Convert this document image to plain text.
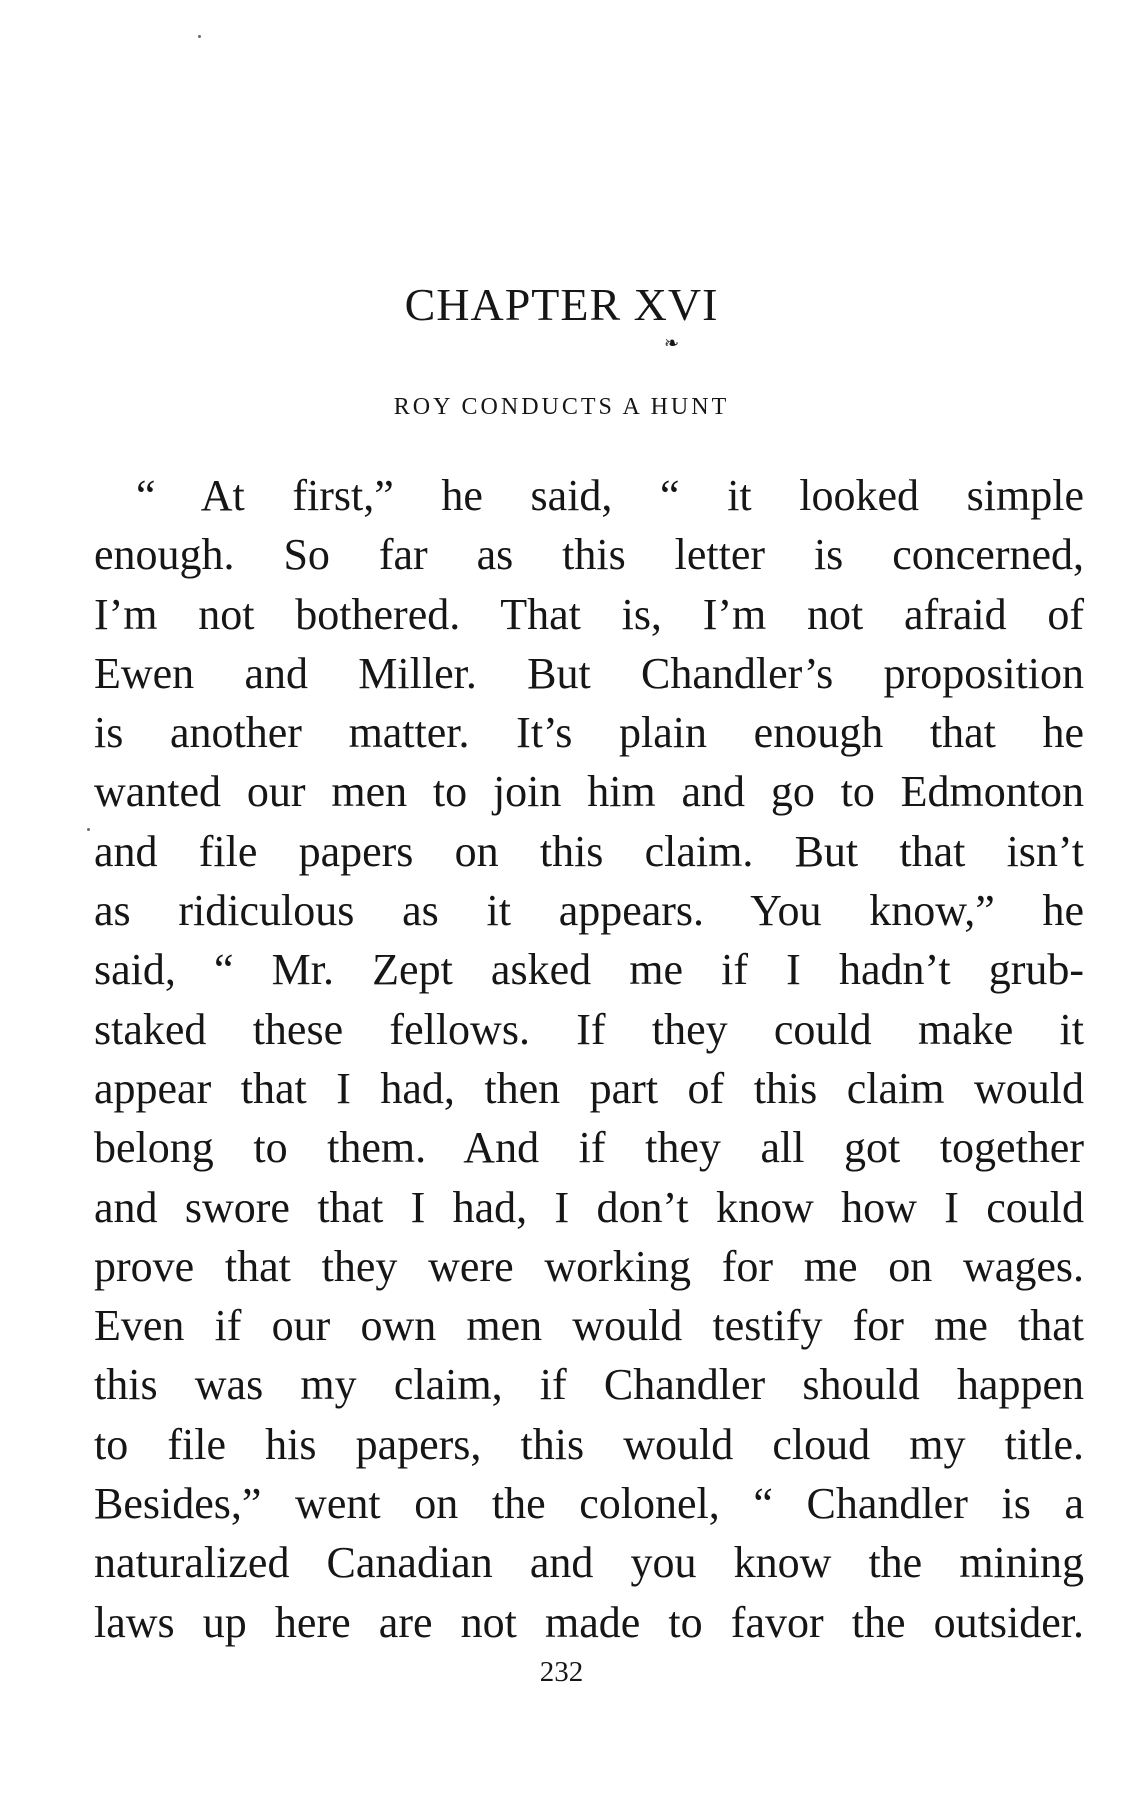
CHAPTER XVI
❧
ROY CONDUCTS A HUNT
“ At first,” he said, “ it looked simple
enough. So far as this letter is concerned,
I’m not bothered. That is, I’m not afraid of
Ewen and Miller. But Chandler’s proposition
is another matter. It’s plain enough that he
wanted our men to join him and go to Edmonton
and file papers on this claim. But that isn’t
as ridiculous as it appears. You know,” he
said, “ Mr. Zept asked me if I hadn’t grub-
staked these fellows. If they could make it
appear that I had, then part of this claim would
belong to them. And if they all got together
and swore that I had, I don’t know how I could
prove that they were working for me on wages.
Even if our own men would testify for me that
this was my claim, if Chandler should happen
to file his papers, this would cloud my title.
Besides,” went on the colonel, “ Chandler is a
naturalized Canadian and you know the mining
laws up here are not made to favor the outsider.
232
